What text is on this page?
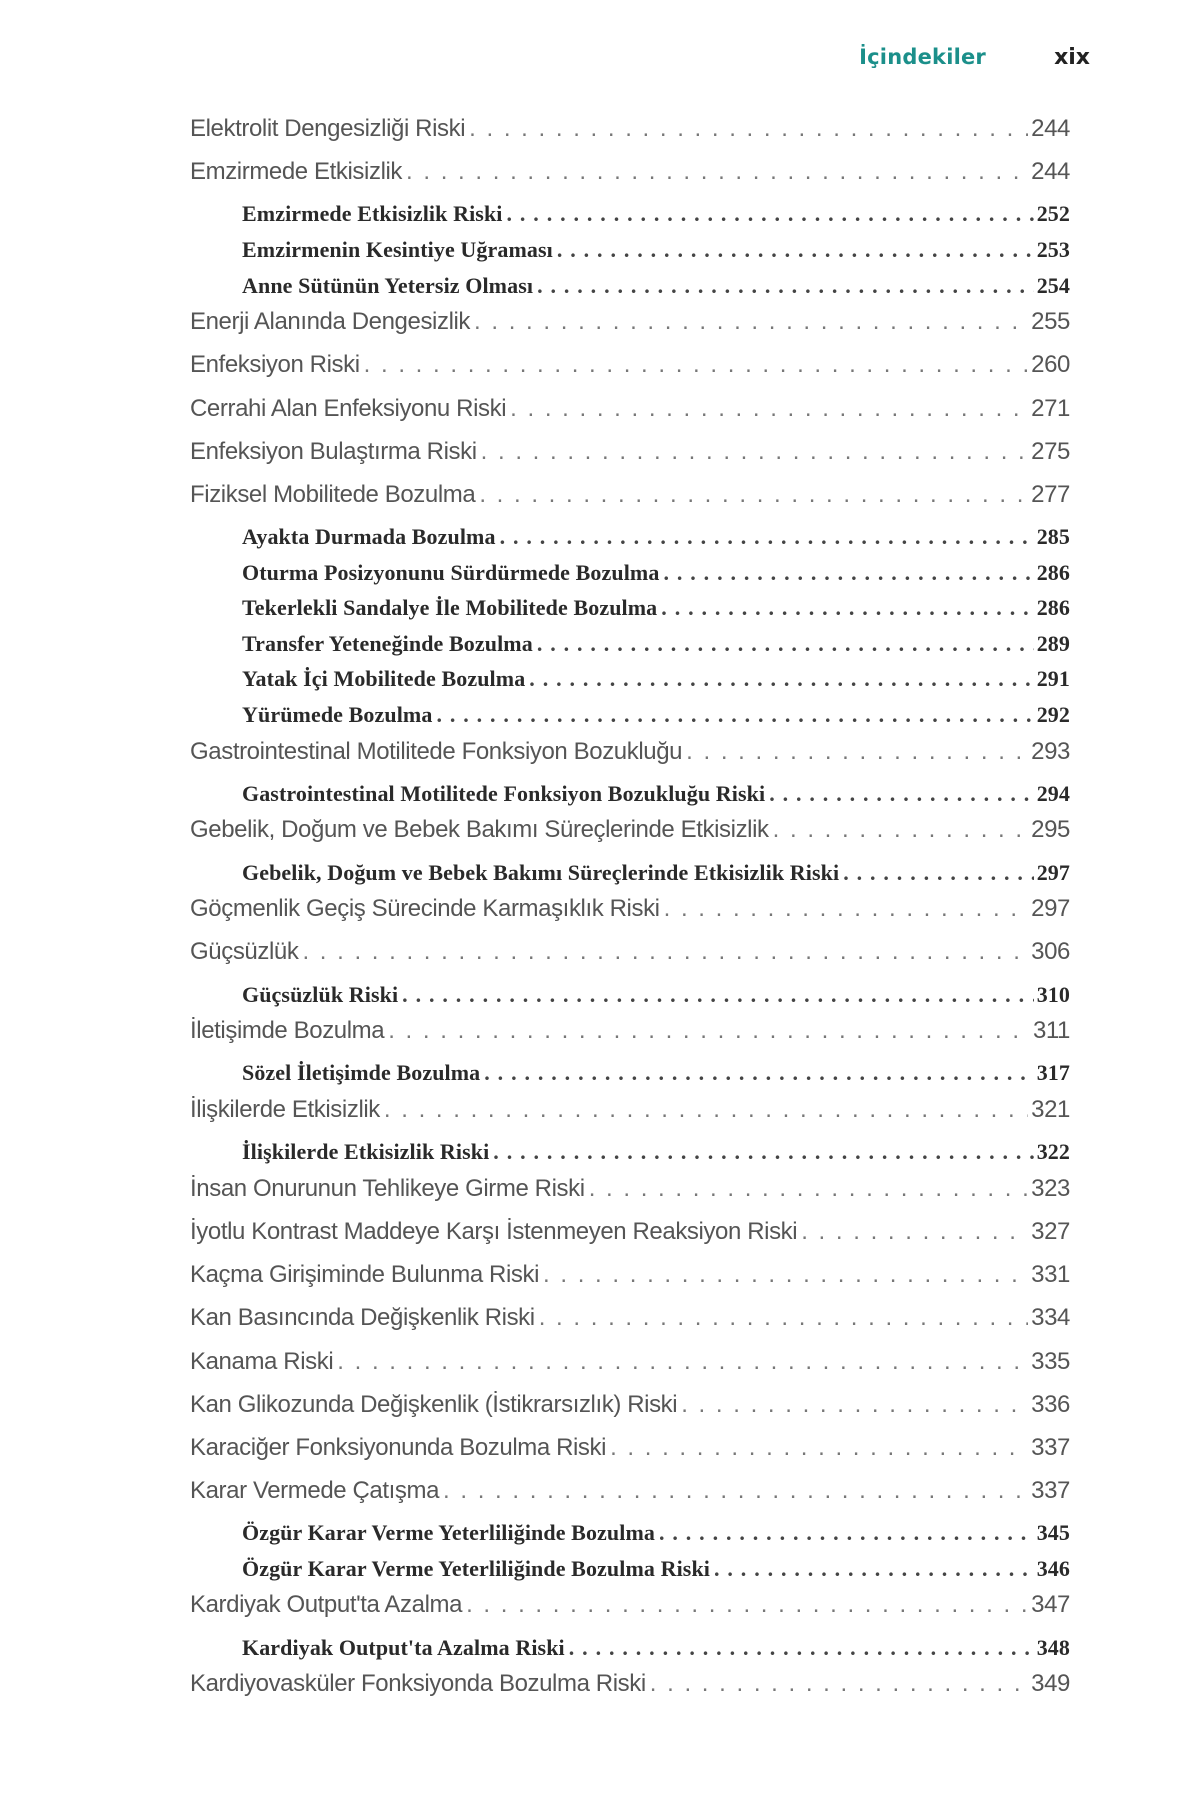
İçindekiler	xix
Elektrolit Dengesizliği Riski . . .	244
Emzirmede Etkisizlik . . .	244
Emzirmede Etkisizlik Riski . . .	252
Emzirmenin Kesintiye Uğraması . . .	253
Anne Sütünün Yetersiz Olması . . .	254
Enerji Alanında Dengesizlik . . .	255
Enfeksiyon Riski . . .	260
Cerrahi Alan Enfeksiyonu Riski . . .	271
Enfeksiyon Bulaştırma Riski . . .	275
Fiziksel Mobilitede Bozulma . . .	277
Ayakta Durmada Bozulma . . .	285
Oturma Posizyonunu Sürdürmede Bozulma . . .	286
Tekerlekli Sandalye İle Mobilitede Bozulma . . .	286
Transfer Yeteneğinde Bozulma . . .	289
Yatak İçi Mobilitede Bozulma . . .	291
Yürümede Bozulma . . .	292
Gastrointestinal Motilitede Fonksiyon Bozukluğu . . .	293
Gastrointestinal Motilitede Fonksiyon Bozukluğu Riski . . .	294
Gebelik, Doğum ve Bebek Bakımı Süreçlerinde Etkisizlik . . .	295
Gebelik, Doğum ve Bebek Bakımı Süreçlerinde Etkisizlik Riski . . .	297
Göçmenlik Geçiş Sürecinde Karmaşıklık Riski . . .	297
Güçsüzlük . . .	306
Güçsüzlük Riski . . .	310
İletişimde Bozulma . . .	311
Sözel İletişimde Bozulma . . .	317
İlişkilerde Etkisizlik . . .	321
İlişkilerde Etkisizlik Riski . . .	322
İnsan Onurunun Tehlikeye Girme Riski . . .	323
İyotlu Kontrast Maddeye Karşı İstenmeyen Reaksiyon Riski . . .	327
Kaçma Girişiminde Bulunma Riski . . .	331
Kan Basıncında Değişkenlik Riski . . .	334
Kanama Riski . . .	335
Kan Glikozunda Değişkenlik (İstikrarsızlık) Riski . . .	336
Karaciğer Fonksiyonunda Bozulma Riski . . .	337
Karar Vermede Çatışma . . .	337
Özgür Karar Verme Yeterliliğinde Bozulma . . .	345
Özgür Karar Verme Yeterliliğinde Bozulma Riski . . .	346
Kardiyak Output'ta Azalma . . .	347
Kardiyak Output'ta Azalma Riski . . .	348
Kardiyovasküler Fonksiyonda Bozulma Riski . . .	349
